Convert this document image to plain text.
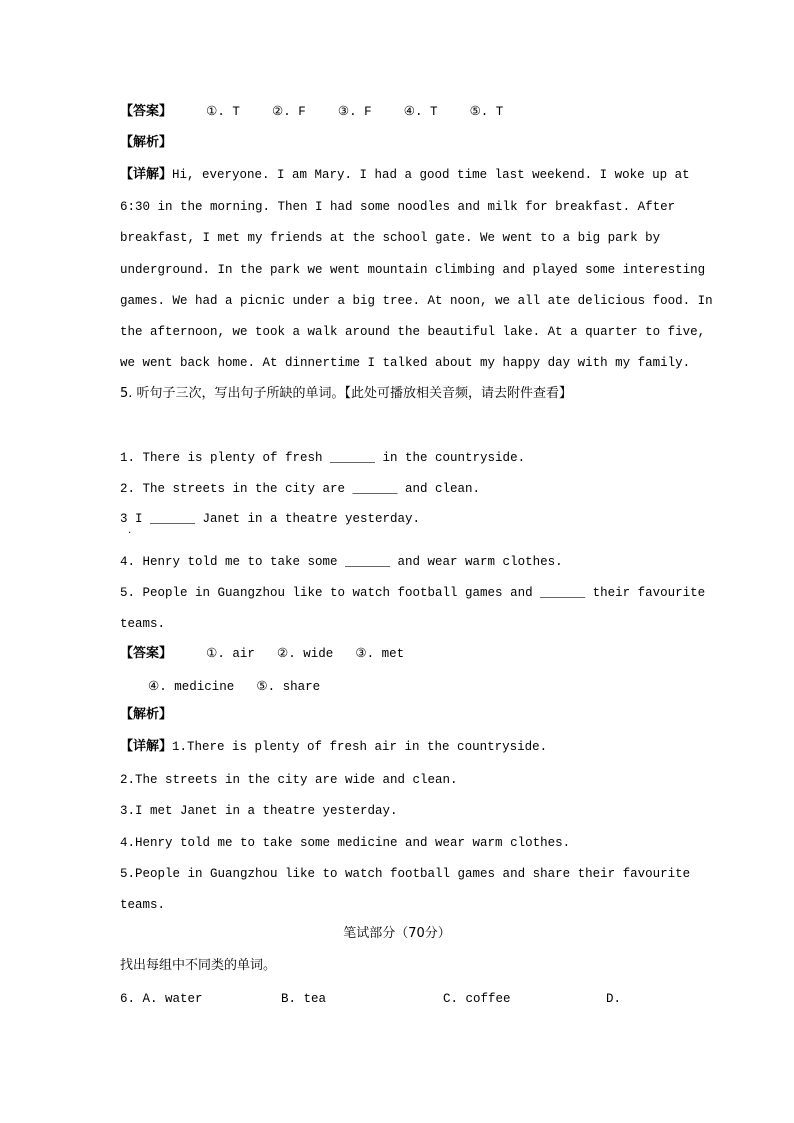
【答案】	①. T	②. F	③. F	④. T	⑤. T
【解析】
【详解】Hi, everyone. I am Mary. I had a good time last weekend. I woke up at
6:30 in the morning. Then I had some noodles and milk for breakfast. After
breakfast, I met my friends at the school gate. We went to a big park by
underground. In the park we went mountain climbing and played some interesting
games. We had a picnic under a big tree. At noon, we all ate delicious food. In
the afternoon, we took a walk around the beautiful lake. At a quarter to five,
we went back home. At dinnertime I talked about my happy day with my family.
5. 听句子三次，写出句子所缺的单词。【此处可播放相关音频，请去附件查看】
1. There is plenty of fresh ______ in the countryside.
2. The streets in the city are ______ and clean.
3 I ______ Janet in a theatre yesterday.
·
4. Henry told me to take some ______ and wear warm clothes.
5. People in Guangzhou like to watch football games and ______ their favourite
teams.
【答案】	①. air ②. wide ③. met
④. medicine ⑤. share
【解析】
【详解】1.There is plenty of fresh air in the countryside.
2.The streets in the city are wide and clean.
3.I met Janet in a theatre yesterday.
4.Henry told me to take some medicine and wear warm clothes.
5.People in Guangzhou like to watch football games and share their favourite
teams.
笔试部分（70分）
找出每组中不同类的单词。
6. A. water	B. tea	C. coffee	D.
